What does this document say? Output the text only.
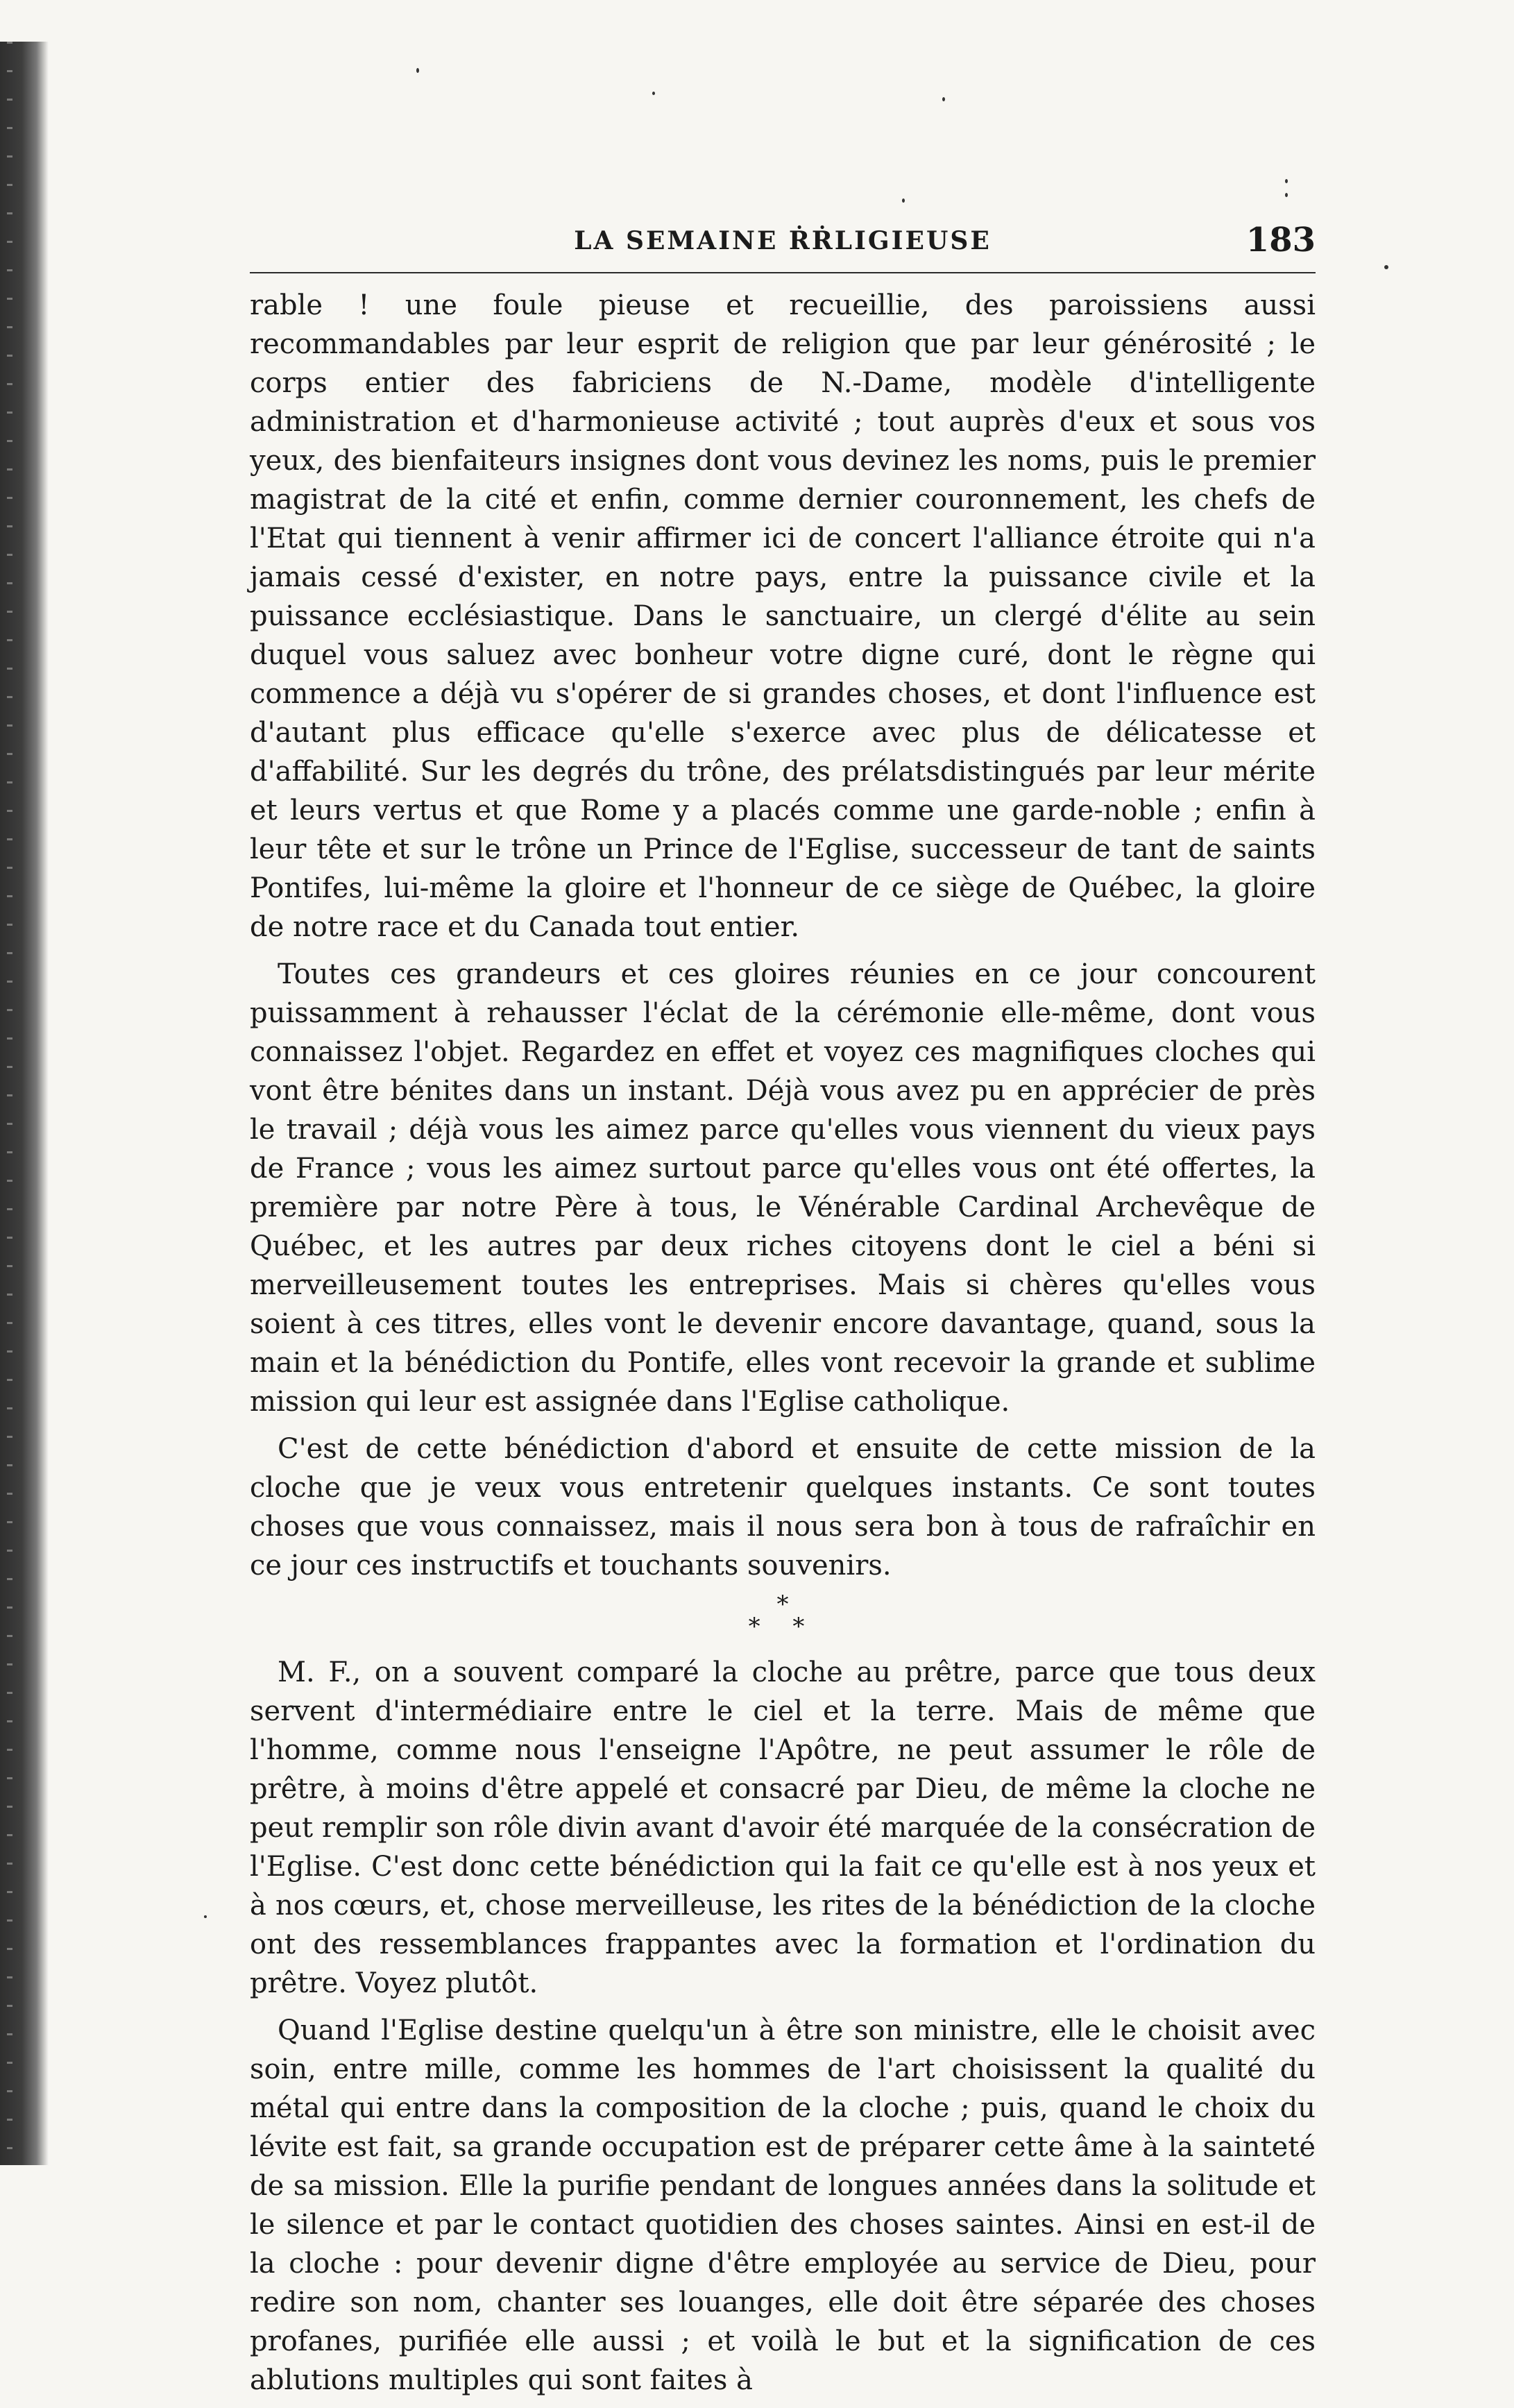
LA SEMAINE ṘṘLIGIEUSE	183

rable ! une foule pieuse et recueillie, des paroissiens aussi recommandables par leur esprit de religion que par leur générosité ; le corps entier des fabriciens de N.-Dame, modèle d'intelligente administration et d'harmonieuse activité ; tout auprès d'eux et sous vos yeux, des bienfaiteurs insignes dont vous devinez les noms, puis le premier magistrat de la cité et enfin, comme dernier couronnement, les chefs de l'Etat qui tiennent à venir affirmer ici de concert l'alliance étroite qui n'a jamais cessé d'exister, en notre pays, entre la puissance civile et la puissance ecclésiastique. Dans le sanctuaire, un clergé d'élite au sein duquel vous saluez avec bonheur votre digne curé, dont le règne qui commence a déjà vu s'opérer de si grandes choses, et dont l'influence est d'autant plus efficace qu'elle s'exerce avec plus de délicatesse et d'affabilité. Sur les degrés du trône, des prélatsdistingués par leur mérite et leurs vertus et que Rome y a placés comme une garde-noble ; enfin à leur tête et sur le trône un Prince de l'Eglise, successeur de tant de saints Pontifes, lui-même la gloire et l'honneur de ce siège de Québec, la gloire de notre race et du Canada tout entier.

Toutes ces grandeurs et ces gloires réunies en ce jour concourent puissamment à rehausser l'éclat de la cérémonie elle-même, dont vous connaissez l'objet. Regardez en effet et voyez ces magnifiques cloches qui vont être bénites dans un instant. Déjà vous avez pu en apprécier de près le travail ; déjà vous les aimez parce qu'elles vous viennent du vieux pays de France ; vous les aimez surtout parce qu'elles vous ont été offertes, la première par notre Père à tous, le Vénérable Cardinal Archevêque de Québec, et les autres par deux riches citoyens dont le ciel a béni si merveilleusement toutes les entreprises. Mais si chères qu'elles vous soient à ces titres, elles vont le devenir encore davantage, quand, sous la main et la bénédiction du Pontife, elles vont recevoir la grande et sublime mission qui leur est assignée dans l'Eglise catholique.

C'est de cette bénédiction d'abord et ensuite de cette mission de la cloche que je veux vous entretenir quelques instants. Ce sont toutes choses que vous connaissez, mais il nous sera bon à tous de rafraîchir en ce jour ces instructifs et touchants souvenirs.

*
* *

M. F., on a souvent comparé la cloche au prêtre, parce que tous deux servent d'intermédiaire entre le ciel et la terre. Mais de même que l'homme, comme nous l'enseigne l'Apôtre, ne peut assumer le rôle de prêtre, à moins d'être appelé et consacré par Dieu, de même la cloche ne peut remplir son rôle divin avant d'avoir été marquée de la consécration de l'Eglise. C'est donc cette bénédiction qui la fait ce qu'elle est à nos yeux et à nos cœurs, et, chose merveilleuse, les rites de la bénédiction de la cloche ont des ressemblances frappantes avec la formation et l'ordination du prêtre. Voyez plutôt.

Quand l'Eglise destine quelqu'un à être son ministre, elle le choisit avec soin, entre mille, comme les hommes de l'art choisissent la qualité du métal qui entre dans la composition de la cloche ; puis, quand le choix du lévite est fait, sa grande occupation est de préparer cette âme à la sainteté de sa mission. Elle la purifie pendant de longues années dans la solitude et le silence et par le contact quotidien des choses saintes. Ainsi en est-il de la cloche : pour devenir digne d'être employée au service de Dieu, pour redire son nom, chanter ses louanges, elle doit être séparée des choses profanes, purifiée elle aussi ; et voilà le but et la signification de ces ablutions multiples qui sont faites à
